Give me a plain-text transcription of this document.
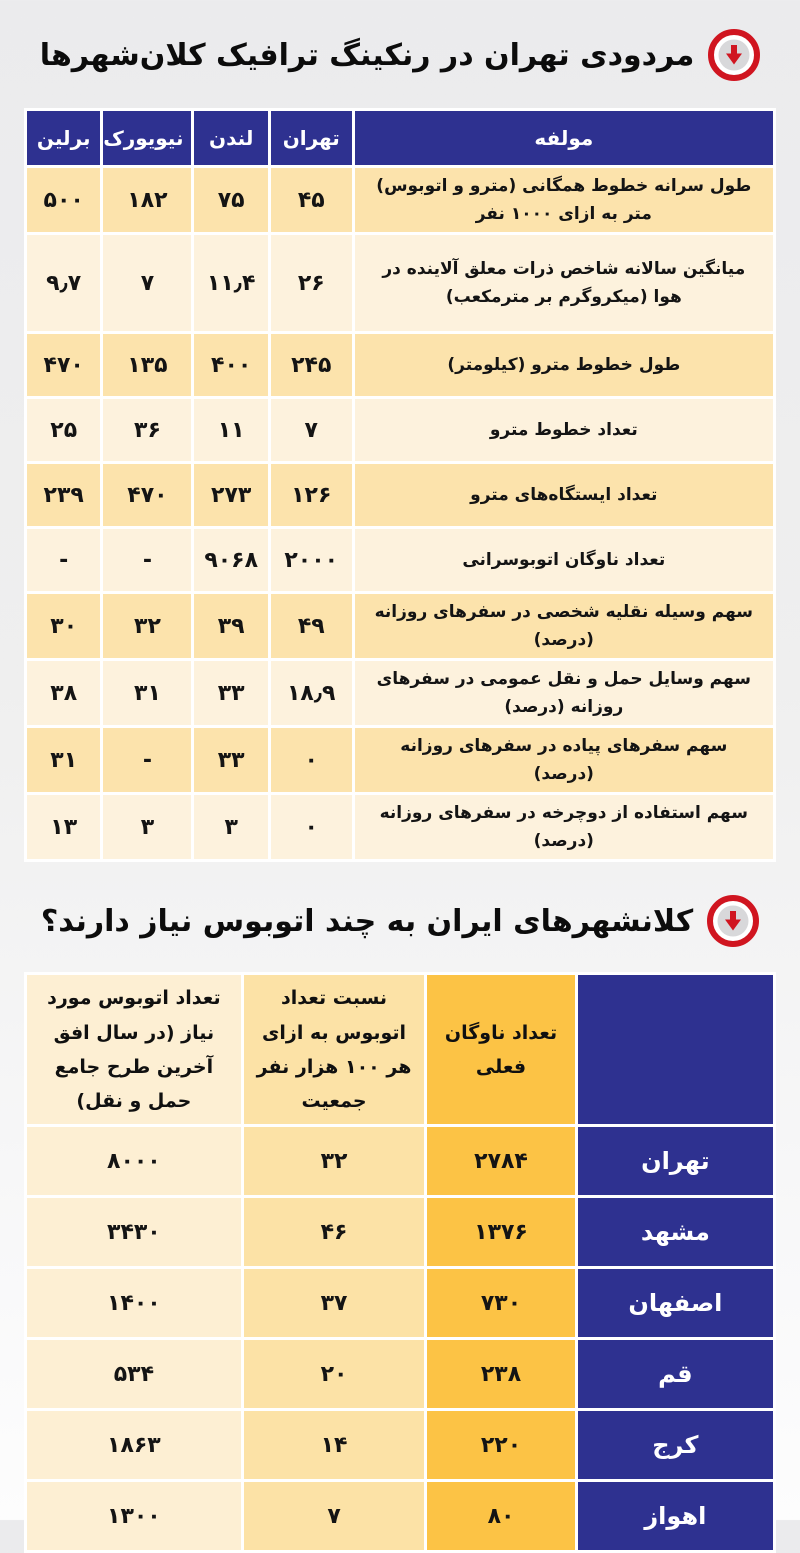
مردودی تهران در رنکینگ ترافیک کلان‌شهرها
مولفه	تهران	لندن	نیویورک	برلین
طول سرانه خطوط همگانی (مترو و اتوبوس) متر به ازای ۱۰۰۰ نفر	۴۵	۷۵	۱۸۲	۵۰۰
میانگین سالانه شاخص ذرات معلق آلاینده در هوا (میکروگرم بر مترمکعب)	۲۶	۱۱٫۴	۷	۹٫۷
طول خطوط مترو (کیلومتر)	۲۴۵	۴۰۰	۱۳۵	۴۷۰
تعداد خطوط مترو	۷	۱۱	۳۶	۲۵
تعداد ایستگاه‌های مترو	۱۲۶	۲۷۳	۴۷۰	۲۳۹
تعداد ناوگان اتوبوسرانی	۲۰۰۰	۹۰۶۸	-	-
سهم وسیله نقلیه شخصی در سفرهای روزانه (درصد)	۴۹	۳۹	۳۲	۳۰
سهم وسایل حمل و نقل عمومی در سفرهای روزانه (درصد)	۱۸٫۹	۳۳	۳۱	۳۸
سهم سفرهای پیاده در سفرهای روزانه (درصد)	۰	۳۳	-	۳۱
سهم استفاده از دوچرخه در سفرهای روزانه (درصد)	۰	۳	۳	۱۳
کلانشهرهای ایران به چند اتوبوس نیاز دارند؟
	تعداد ناوگان فعلی	نسبت تعداد اتوبوس به ازای هر ۱۰۰ هزار نفر جمعیت	تعداد اتوبوس مورد نیاز (در سال افق آخرین طرح جامع حمل و نقل)
تهران	۲۷۸۴	۳۲	۸۰۰۰
مشهد	۱۳۷۶	۴۶	۳۴۳۰
اصفهان	۷۳۰	۳۷	۱۴۰۰
قم	۲۳۸	۲۰	۵۳۴
کرج	۲۲۰	۱۴	۱۸۶۳
اهواز	۸۰	۷	۱۳۰۰
